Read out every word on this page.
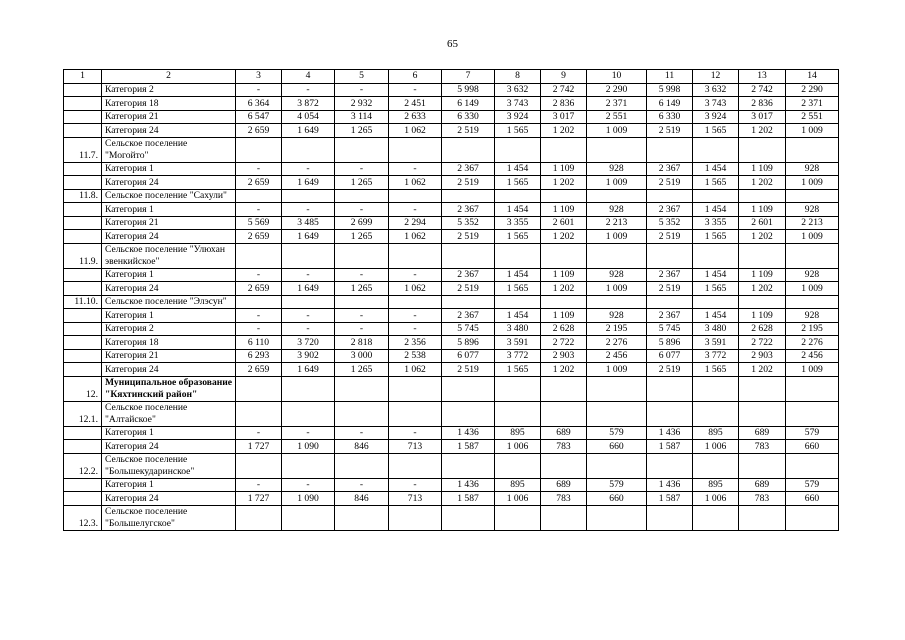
65
1	2	3	4	5	6	7	8	9	10	11	12	13	14
	Категория 2	-	-	-	-	5 998	3 632	2 742	2 290	5 998	3 632	2 742	2 290
	Категория 18	6 364	3 872	2 932	2 451	6 149	3 743	2 836	2 371	6 149	3 743	2 836	2 371
	Категория 21	6 547	4 054	3 114	2 633	6 330	3 924	3 017	2 551	6 330	3 924	3 017	2 551
	Категория 24	2 659	1 649	1 265	1 062	2 519	1 565	1 202	1 009	2 519	1 565	1 202	1 009
11.7.	Сельское поселение "Могойто"												
	Категория 1	-	-	-	-	2 367	1 454	1 109	928	2 367	1 454	1 109	928
	Категория 24	2 659	1 649	1 265	1 062	2 519	1 565	1 202	1 009	2 519	1 565	1 202	1 009
11.8.	Сельское поселение "Сахули"												
	Категория 1	-	-	-	-	2 367	1 454	1 109	928	2 367	1 454	1 109	928
	Категория 21	5 569	3 485	2 699	2 294	5 352	3 355	2 601	2 213	5 352	3 355	2 601	2 213
	Категория 24	2 659	1 649	1 265	1 062	2 519	1 565	1 202	1 009	2 519	1 565	1 202	1 009
11.9.	Сельское поселение "Улюхан эвенкийское"												
	Категория 1	-	-	-	-	2 367	1 454	1 109	928	2 367	1 454	1 109	928
	Категория 24	2 659	1 649	1 265	1 062	2 519	1 565	1 202	1 009	2 519	1 565	1 202	1 009
11.10.	Сельское поселение "Элэсун"												
	Категория 1	-	-	-	-	2 367	1 454	1 109	928	2 367	1 454	1 109	928
	Категория 2	-	-	-	-	5 745	3 480	2 628	2 195	5 745	3 480	2 628	2 195
	Категория 18	6 110	3 720	2 818	2 356	5 896	3 591	2 722	2 276	5 896	3 591	2 722	2 276
	Категория 21	6 293	3 902	3 000	2 538	6 077	3 772	2 903	2 456	6 077	3 772	2 903	2 456
	Категория 24	2 659	1 649	1 265	1 062	2 519	1 565	1 202	1 009	2 519	1 565	1 202	1 009
12.	Муниципальное образование "Кяхтинский район"												
12.1.	Сельское поселение "Алтайское"												
	Категория 1	-	-	-	-	1 436	895	689	579	1 436	895	689	579
	Категория 24	1 727	1 090	846	713	1 587	1 006	783	660	1 587	1 006	783	660
12.2.	Сельское поселение "Большекударинское"												
	Категория 1	-	-	-	-	1 436	895	689	579	1 436	895	689	579
	Категория 24	1 727	1 090	846	713	1 587	1 006	783	660	1 587	1 006	783	660
12.3.	Сельское поселение "Большелугское"												
